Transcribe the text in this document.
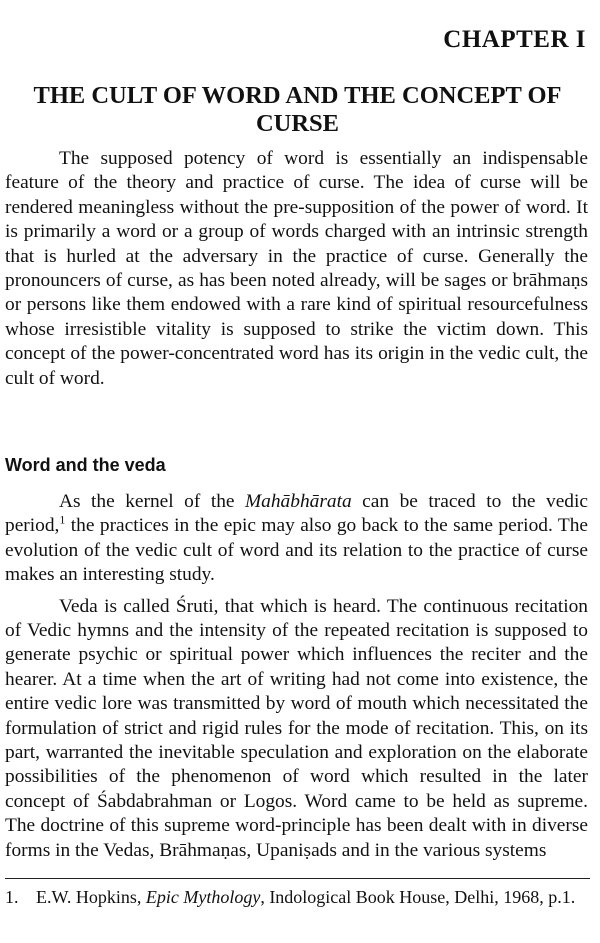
CHAPTER I
THE CULT OF WORD AND THE CONCEPT OF CURSE

The supposed potency of word is essentially an indispensable feature of the theory and practice of curse. The idea of curse will be rendered meaningless without the pre-supposition of the power of word. It is primarily a word or a group of words charged with an intrinsic strength that is hurled at the adversary in the practice of curse. Generally the pronouncers of curse, as has been noted already, will be sages or brāhmaṇs or persons like them endowed with a rare kind of spiritual resourcefulness whose irresistible vitality is supposed to strike the victim down. This concept of the power-concentrated word has its origin in the vedic cult, the cult of word.

Word and the veda

As the kernel of the Mahābhārata can be traced to the vedic period,$^1$ the practices in the epic may also go back to the same period. The evolution of the vedic cult of word and its relation to the practice of curse makes an interesting study.

Veda is called Śruti, that which is heard. The continuous recitation of Vedic hymns and the intensity of the repeated recitation is supposed to generate psychic or spiritual power which influences the reciter and the hearer. At a time when the art of writing had not come into existence, the entire vedic lore was transmitted by word of mouth which necessitated the formulation of strict and rigid rules for the mode of recitation. This, on its part, warranted the inevitable speculation and exploration on the elaborate possibilities of the phenomenon of word which resulted in the later concept of Śabdabrahman or Logos. Word came to be held as supreme. The doctrine of this supreme word-principle has been dealt with in diverse forms in the Vedas, Brāhmaṇas, Upaniṣads and in the various systems

1. E.W. Hopkins, Epic Mythology, Indological Book House, Delhi, 1968, p.1.
